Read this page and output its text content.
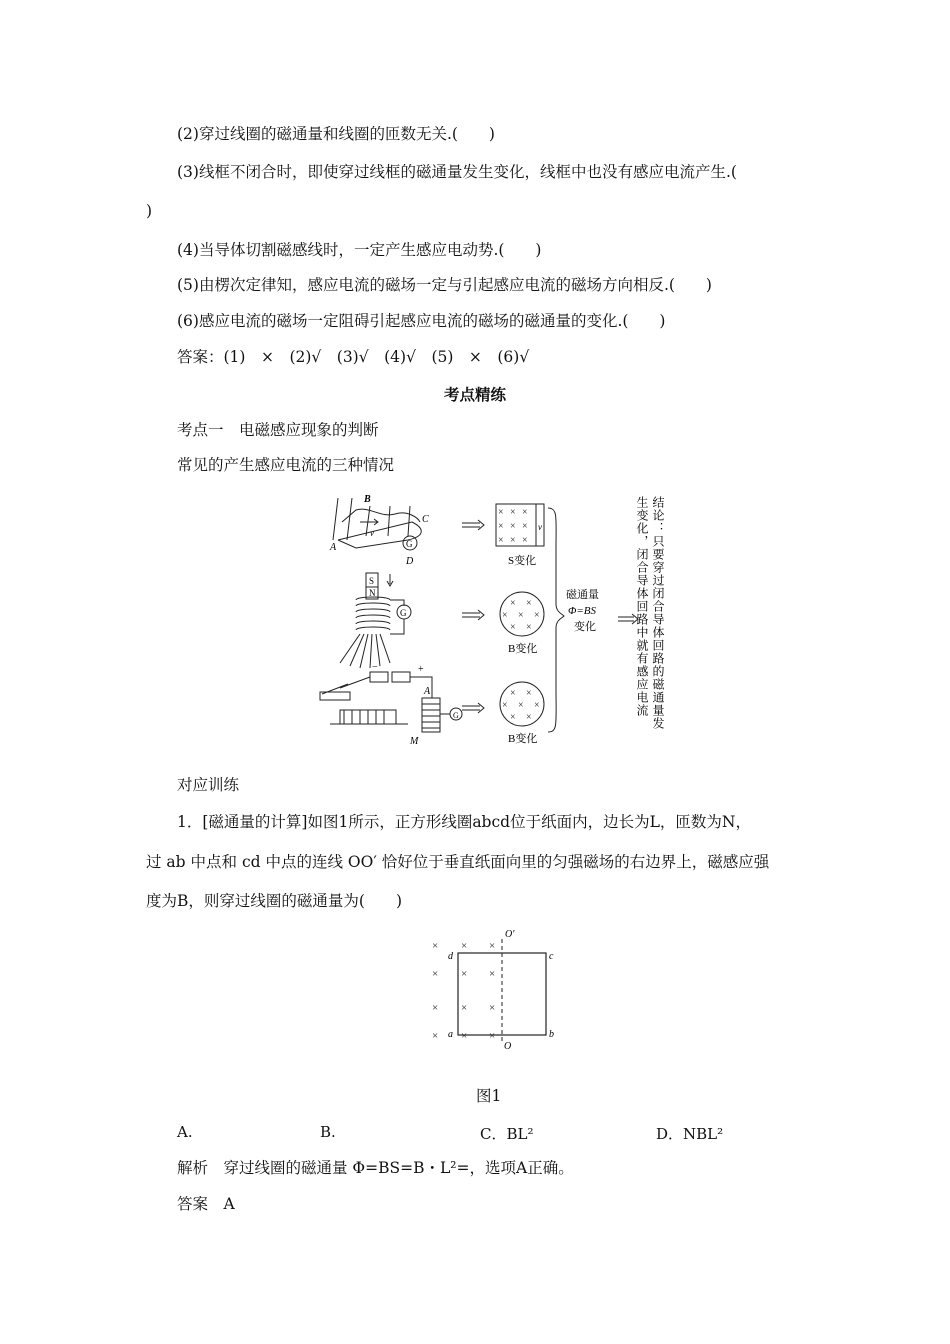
(2)穿过线圈的磁通量和线圈的匝数无关.(　　)
(3)线框不闭合时，即使穿过线框的磁通量发生变化，线框中也没有感应电流产生.(
)
(4)当导体切割磁感线时，一定产生感应电动势.(　　)
(5)由楞次定律知，感应电流的磁场一定与引起感应电流的磁场方向相反.(　　)
(6)感应电流的磁场一定阻碍引起感应电流的磁场的磁通量的变化.(　　)
答案：(1)　×　(2)√　(3)√　(4)√　(5)　×　(6)√
考点精练
考点一　电磁感应现象的判断
常见的产生感应电流的三种情况
B
C
A
D
v
G
S
N
G
−	+
A
M
G
× × ×
× × ×
× × ×
v
S变化
× ×
× × ×
× ×
B变化
× ×
× × ×
× ×
B变化
磁通量
Φ=BS
变化	结论：只要穿过闭合导体回路的磁通量发
生变化，闭合导体回路中就有感应电流
对应训练
1．[磁通量的计算]如图1所示，正方形线圈abcd位于纸面内，边长为L，匝数为N，
过 ab 中点和 cd 中点的连线 OO′ 恰好位于垂直纸面向里的匀强磁场的右边界上，磁感应强
度为B，则穿过线圈的磁通量为(　　)
× × ×
× × ×
× × ×
× × ×
O′
O
d	c
a	b
图1
A.	B.	C．BL²	D．NBL²
解析　穿过线圈的磁通量 Φ=BS=B・L²=，选项A正确。
答案　A
